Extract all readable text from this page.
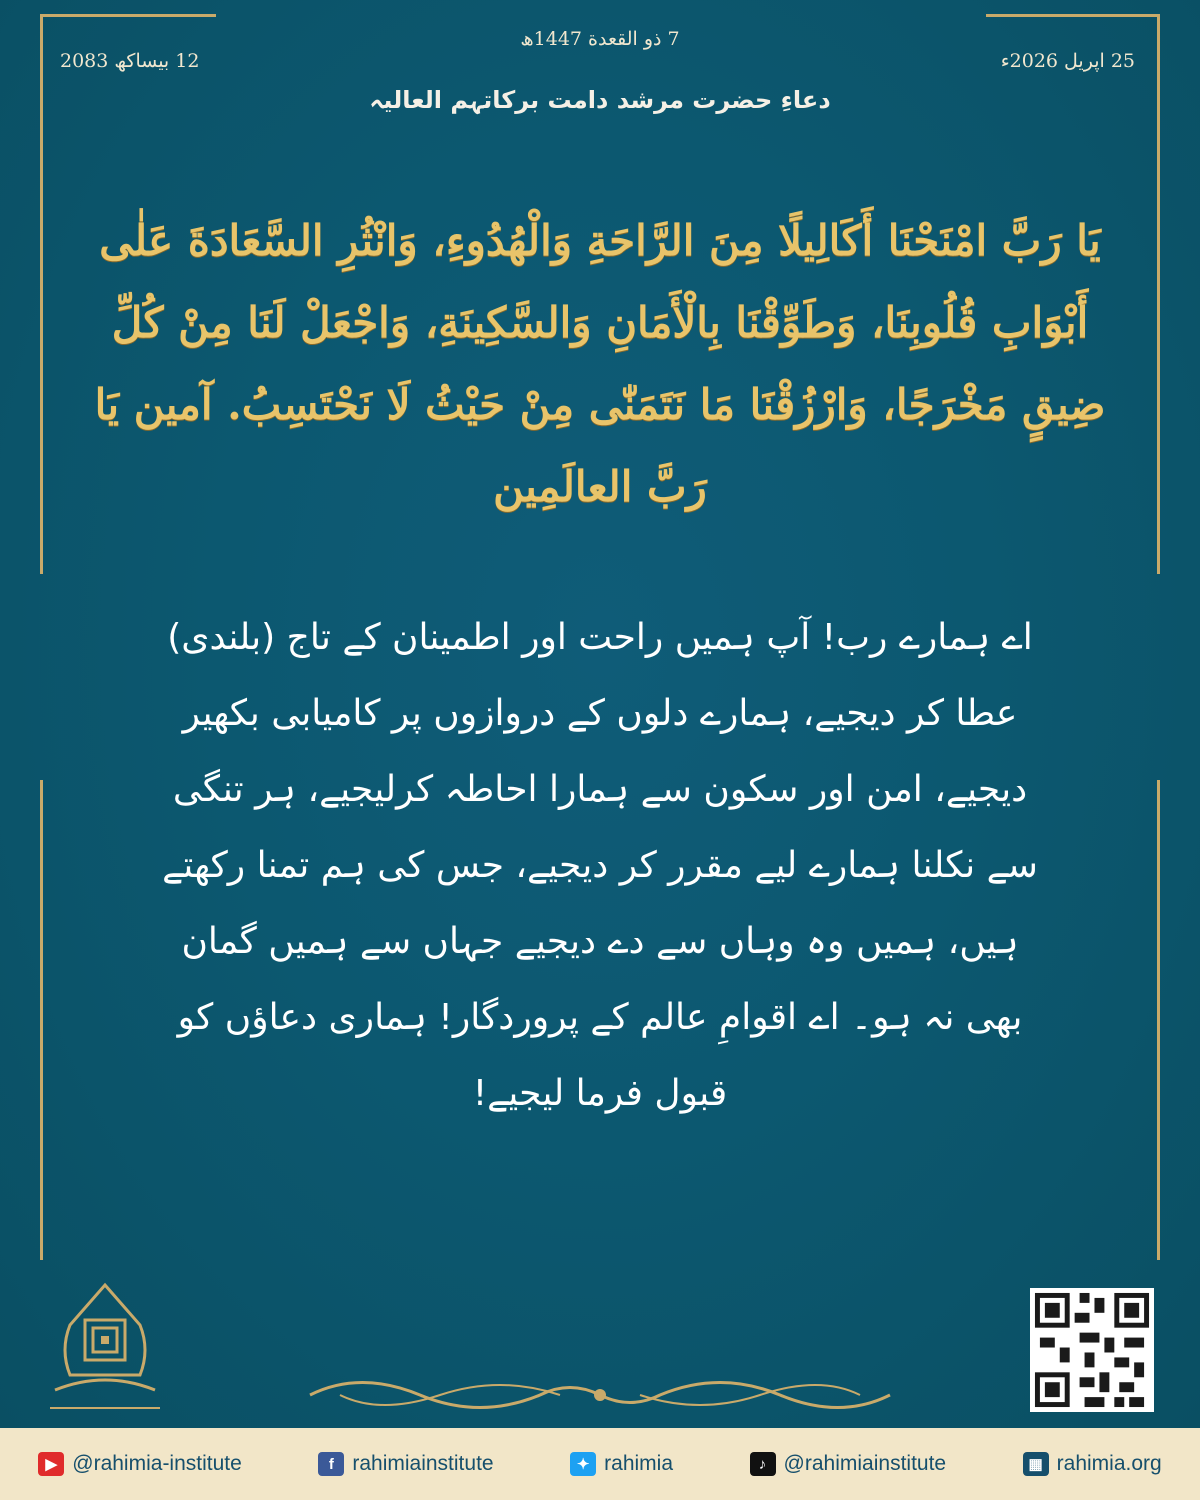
7 ذو القعدة 1447ھ
25 اپریل 2026ء
12 بیساکھ 2083
دعاءِ حضرت مرشد دامت برکاتہم العالیہ
يَا رَبَّ امْنَحْنَا أَكَالِيلًا مِنَ الرَّاحَةِ وَالْهُدُوءِ، وَانْثُرِ السَّعَادَةَ عَلٰى أَبْوَابِ قُلُوبِنَا، وَطَوِّقْنَا بِالْأَمَانِ وَالسَّكِينَةِ، وَاجْعَلْ لَنَا مِنْ كُلِّ ضِيقٍ مَخْرَجًا، وَارْزُقْنَا مَا نَتَمَنّٰى مِنْ حَيْثُ لَا نَحْتَسِبُ. آمين يَا رَبَّ العالَمِين
اے ہمارے رب! آپ ہمیں راحت اور اطمینان کے تاج (بلندی) عطا کر دیجیے، ہمارے دلوں کے دروازوں پر کامیابی بکھیر دیجیے، امن اور سکون سے ہمارا احاطہ کرلیجیے، ہر تنگی سے نکلنا ہمارے لیے مقرر کر دیجیے، جس کی ہم تمنا رکھتے ہیں، ہمیں وہ وہاں سے دے دیجیے جہاں سے ہمیں گمان بھی نہ ہو۔ اے اقوامِ عالم کے پروردگار! ہماری دعاؤں کو قبول فرما لیجیے!
▶ @rahimia-institute	f rahimiainstitute	✦ rahimia	♪ @rahimiainstitute	▦ rahimia.org
